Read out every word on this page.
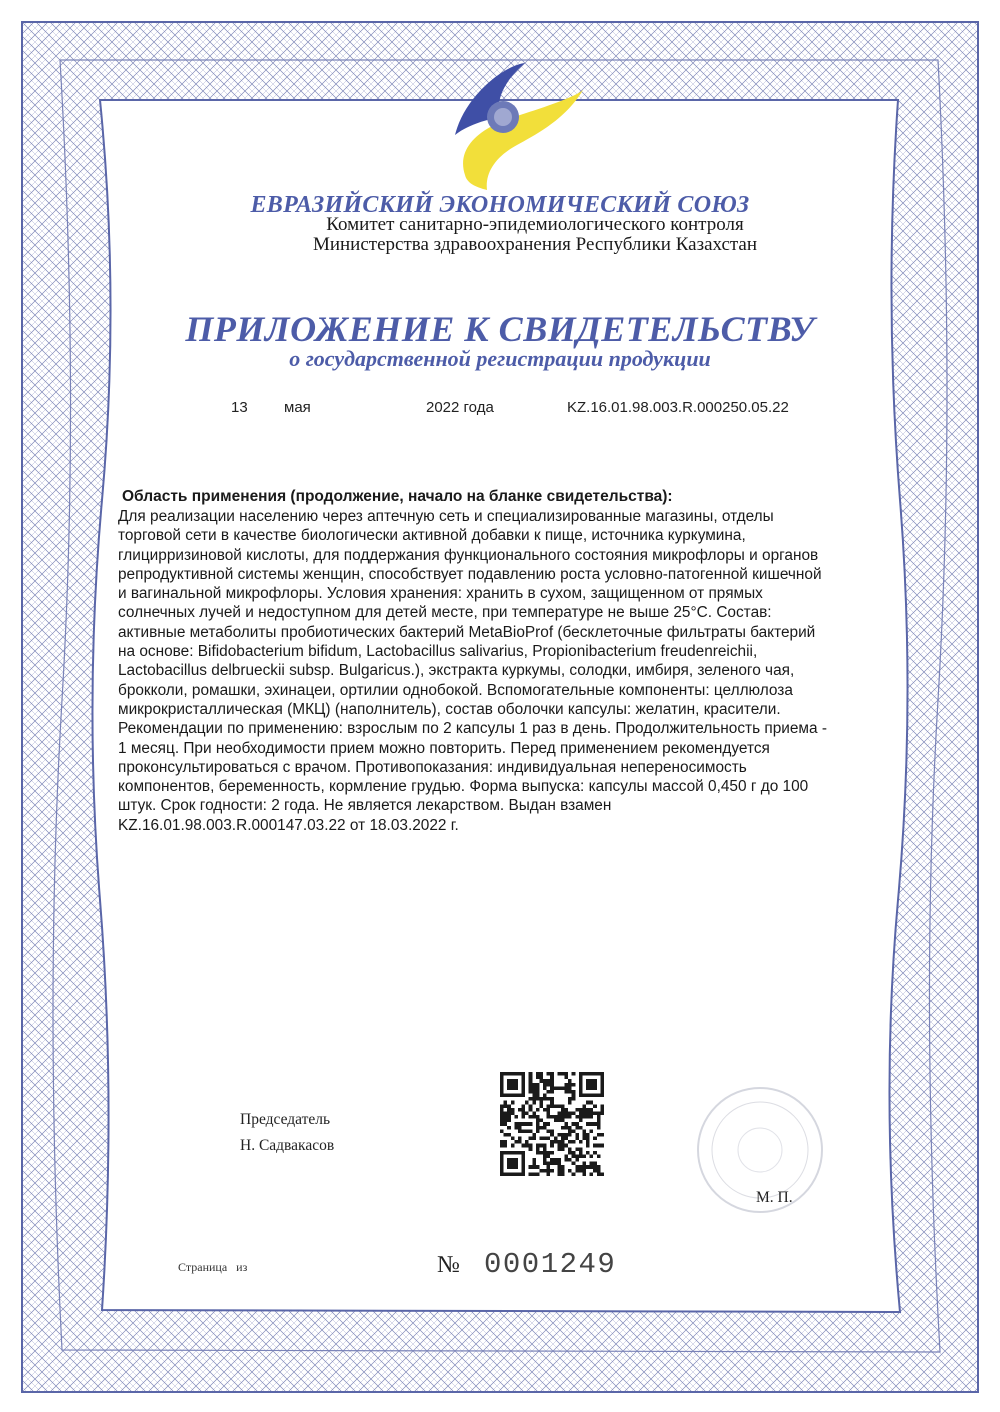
ЕВРАЗИЙСКИЙ ЭКОНОМИЧЕСКИЙ СОЮЗ
Комитет санитарно-эпидемиологического контроля
Министерства здравоохранения Республики Казахстан
ПРИЛОЖЕНИЕ К СВИДЕТЕЛЬСТВУ
о государственной регистрации продукции
13 мая	2022 года	KZ.16.01.98.003.R.000250.05.22
Область применения (продолжение, начало на бланке свидетельства):
Для реализации населению через аптечную сеть и специализированные магазины, отделы
торговой сети в качестве биологически активной добавки к пище, источника куркумина,
глицирризиновой кислоты, для поддержания функционального состояния микрофлоры и органов
репродуктивной системы женщин, способствует подавлению роста условно-патогенной кишечной
и вагинальной микрофлоры. Условия хранения: хранить в сухом, защищенном от прямых
солнечных лучей и недоступном для детей месте, при температуре не выше 25°С. Состав:
активные метаболиты пробиотических бактерий MetaBioProf (бесклеточные фильтраты бактерий
на основе: Bifidobacterium bifidum, Lactobacillus salivarius, Propionibacterium freudenreichii,
Lactobacillus delbrueckii subsp. Bulgaricus.), экстракта куркумы, солодки, имбиря, зеленого чая,
брокколи, ромашки, эхинацеи, ортилии однобокой. Вспомогательные компоненты: целлюлоза
микрокристаллическая (МКЦ) (наполнитель), состав оболочки капсулы: желатин, красители.
Рекомендации по применению: взрослым по 2 капсулы 1 раз в день. Продолжительность приема -
1 месяц. При необходимости прием можно повторить. Перед применением рекомендуется
проконсультироваться с врачом. Противопоказания: индивидуальная непереносимость
компонентов, беременность, кормление грудью. Форма выпуска: капсулы массой 0,450 г до 100
штук. Срок годности: 2 года. Не является лекарством. Выдан взамен
KZ.16.01.98.003.R.000147.03.22 от 18.03.2022 г.
Председатель
Н. Садвакасов
М. П.
Страница   из	№ 0001249
